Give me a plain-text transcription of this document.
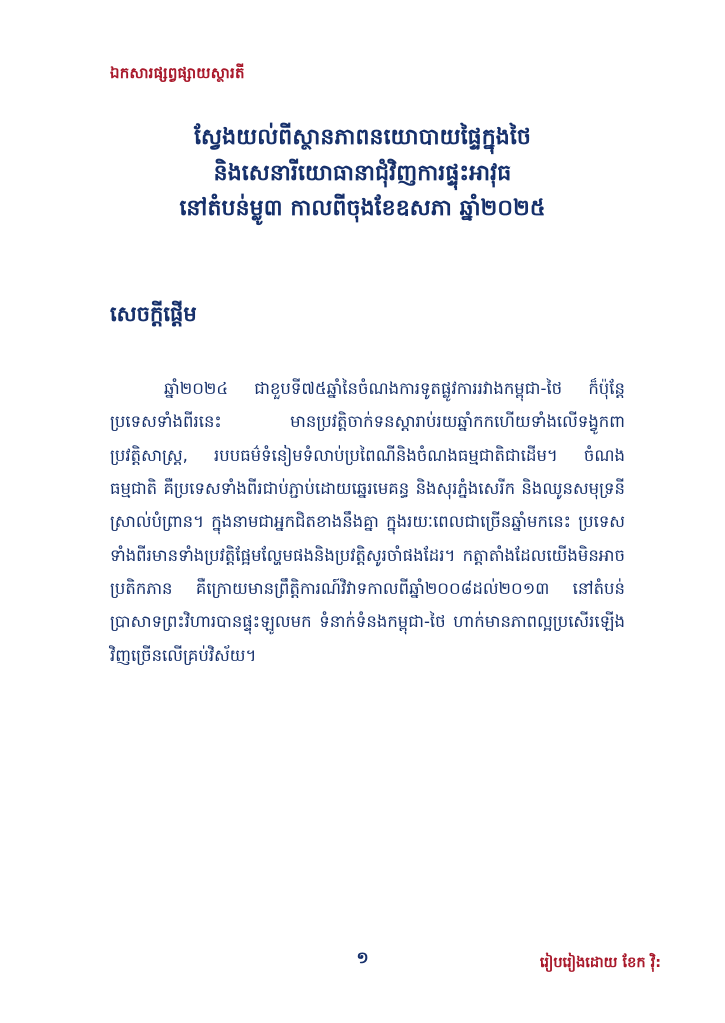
ឯកសារផ្សព្វផ្សាយស្ថារតី
ស្វែងយល់ពីស្ថានភាពនយោបាយផ្ទៃក្នុងថៃ
និងសេនារីយោធានាជុំវិញការផ្ទុះអាវុធ
នៅតំបន់ម្លូ៣ កាលពីចុងខែឧសភា ឆ្នាំ២០២៥
សេចក្ដីផ្ដើម
ឆ្នាំ២០២៤ ជាខួបទី៧៥ឆ្នាំនៃចំណងការទូតផ្លូវការរវាងកម្ពុជា-ថៃ ក៏ប៉ុន្តែប្រទេសទាំងពីរនេះ មានប្រវត្តិចាក់ទនស្តារាប់រយឆ្នាំកកហើយទាំងលើទង្វូកពាប្រវត្តិសាស្ត្រ, របបធម៌ទំនៀមទំលាប់ប្រពៃណីនិងចំណងធម្មជាតិជាដើម។ ចំណងធម្មជាតិ គឺប្រទេសទាំងពីរជាប់ភ្ជាប់ដោយឆ្នេរមេគន្ធ និងសុរភ្នំងសេរីក និងឈូនសមុទ្រនីស្រាល់បំព្រាន។ ក្នុងនាមជាអ្នកជិតខាងនឹងគ្នា ក្នុងរយៈពេលជាច្រើនឆ្នាំមកនេះ ប្រទេសទាំងពីរមានទាំងប្រវត្តិផ្អែមល្ហែមផងនិងប្រវត្តិសូរចាំផងដែរ។ កត្តាតាំងដែលយើងមិនអាចប្រតិកភាន គឺក្រោយមានព្រឹត្តិការណ៍វិវាទកាលពីឆ្នាំ២០០៨ដល់២០១៣ នៅតំបន់ប្រាសាទព្រះវិហារបានផ្ទុះឡូលមក ទំនាក់ទំនងកម្ពុជា-ថៃ ហាក់មានភាពល្អប្រសើរឡើងវិញច្រើនលើគ្រប់វិស័យ។
១	រៀបរៀងដោយ ខែក វ៉ិ:
